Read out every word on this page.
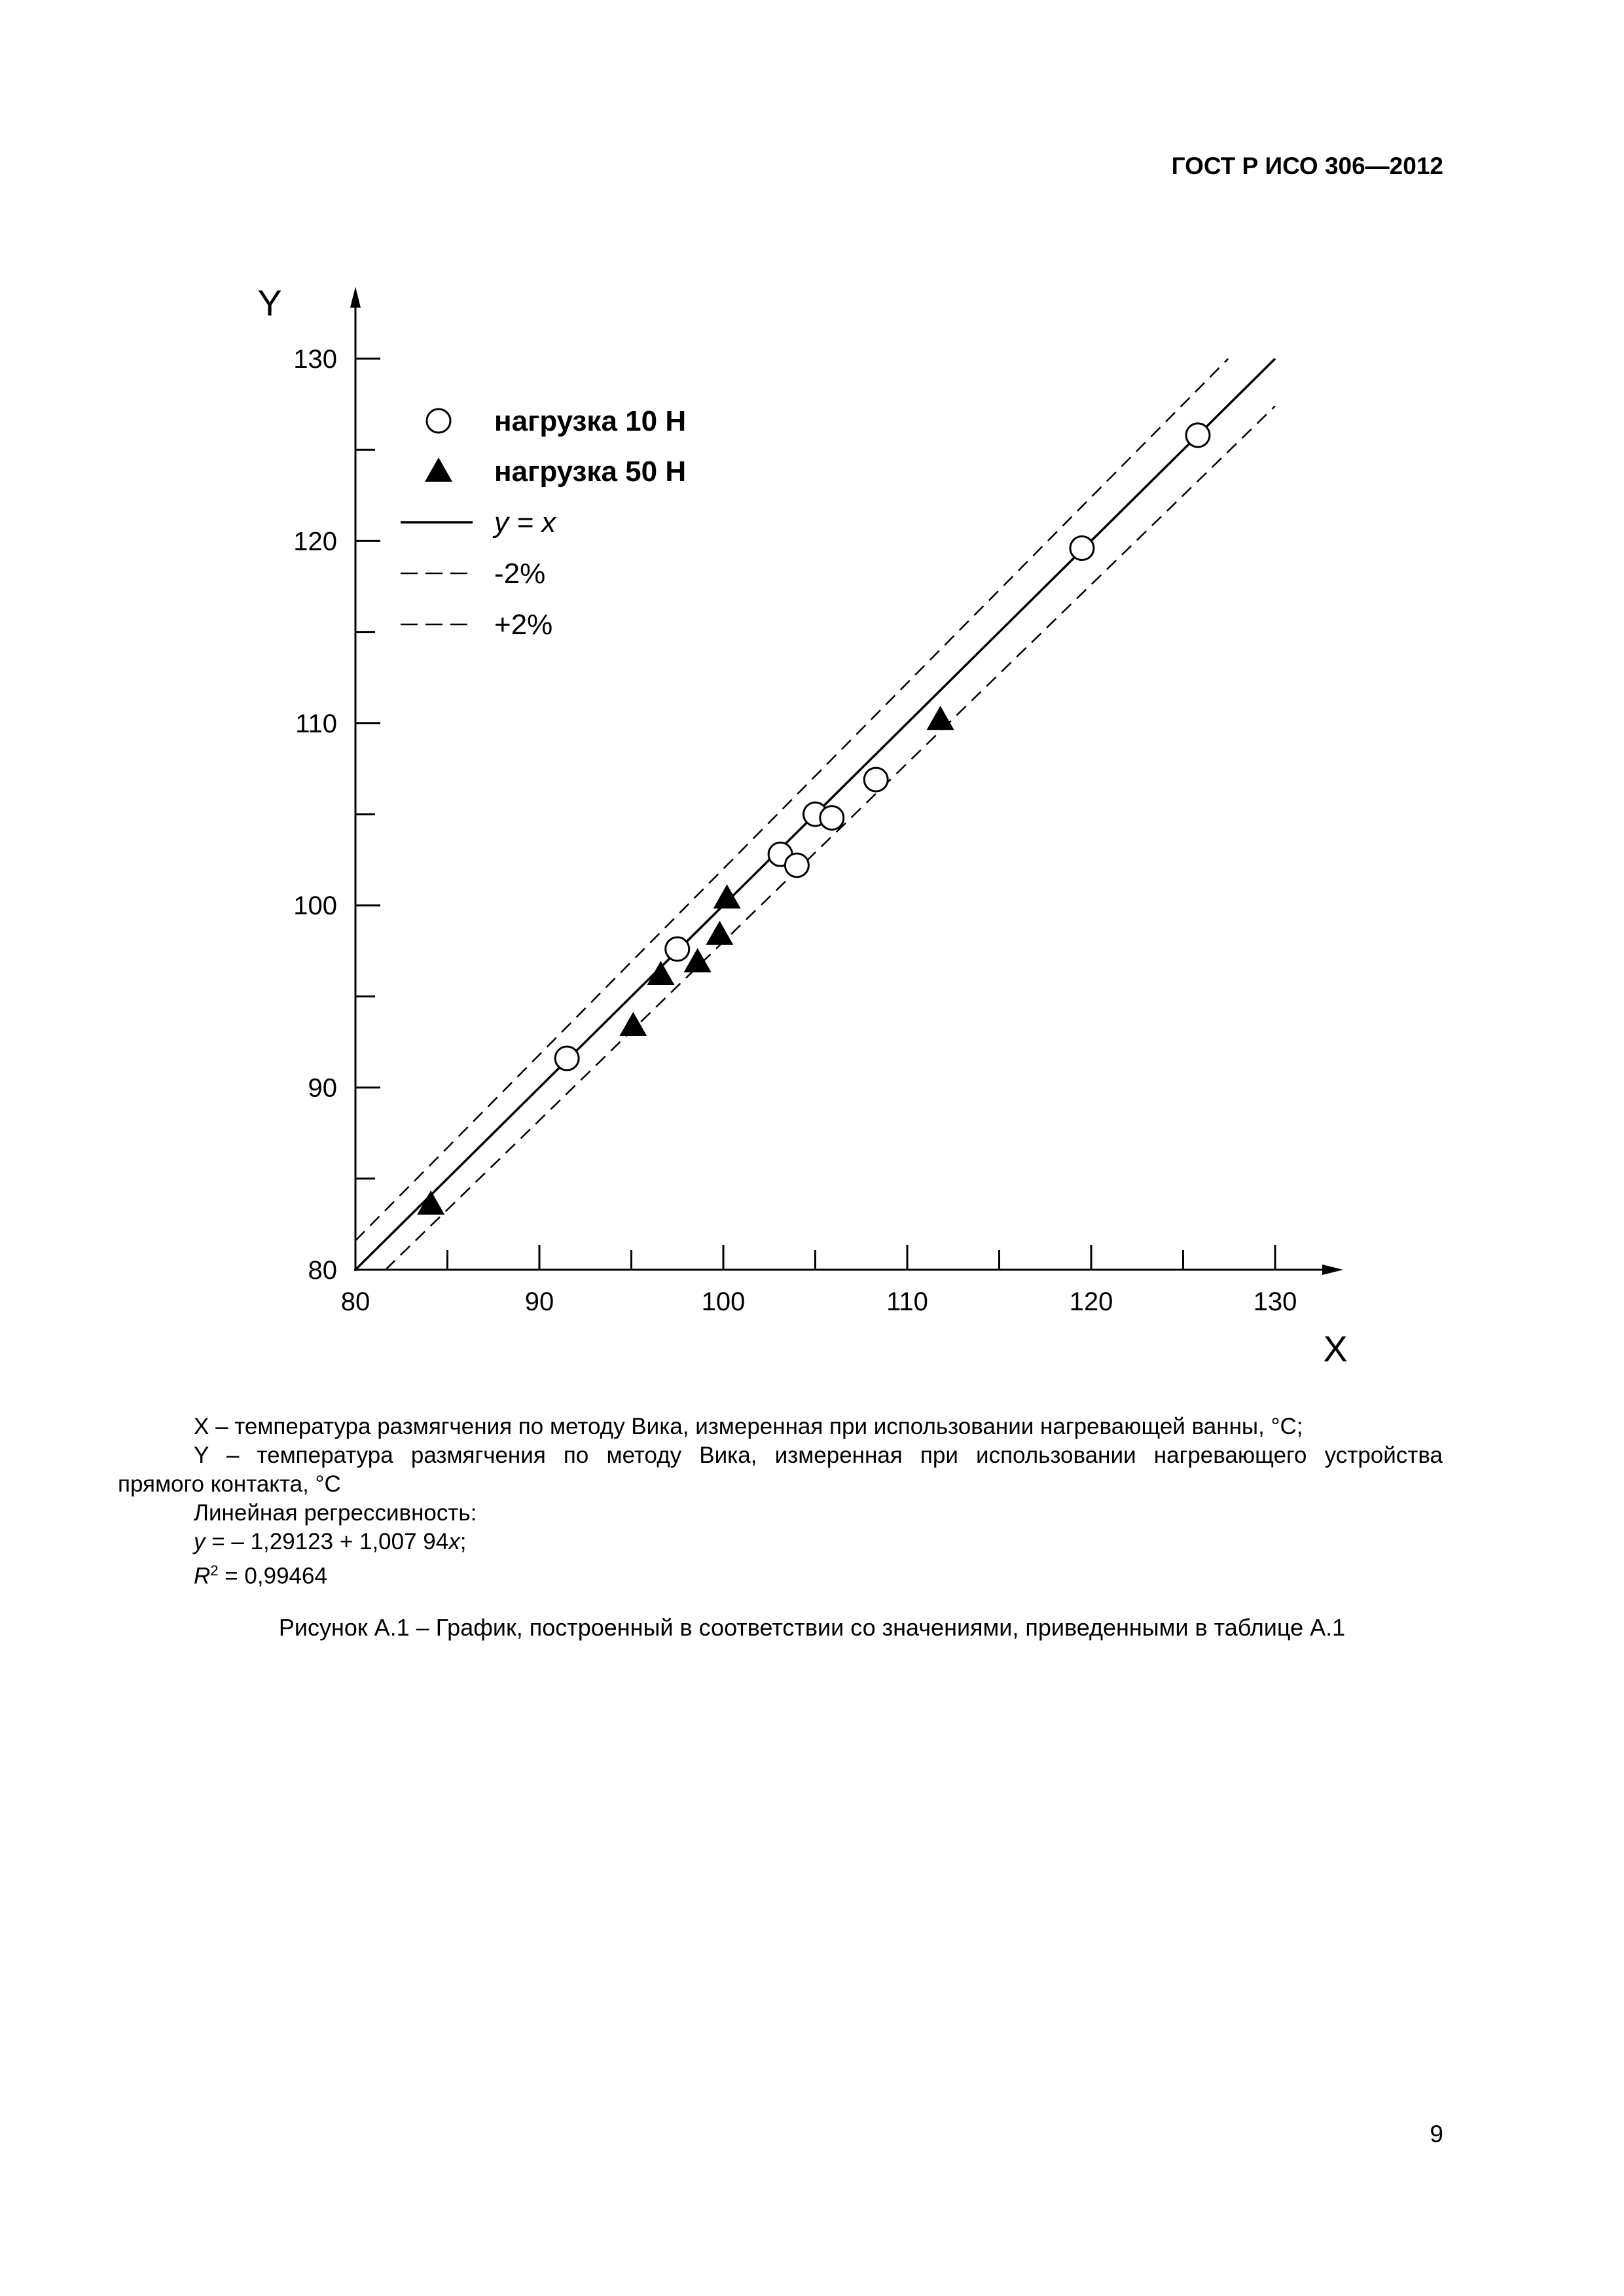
ГОСТ Р ИСО 306—2012
80
90
100
110
120
130
80	90	100	110	120	130
X
Y
нагрузка 10 Н
нагрузка 50 Н
y = x
-2%
+2%
X – температура размягчения по методу Вика, измеренная при использовании нагревающей ванны, °С;
Y – температура размягчения по методу Вика, измеренная при использовании нагревающего устройства
прямого контакта, °С
Линейная регрессивность:
y = – 1,29123 + 1,007 94x;
$R^2 = 0,99464$
Рисунок А.1 – График, построенный в соответствии со значениями, приведенными в таблице А.1
9
